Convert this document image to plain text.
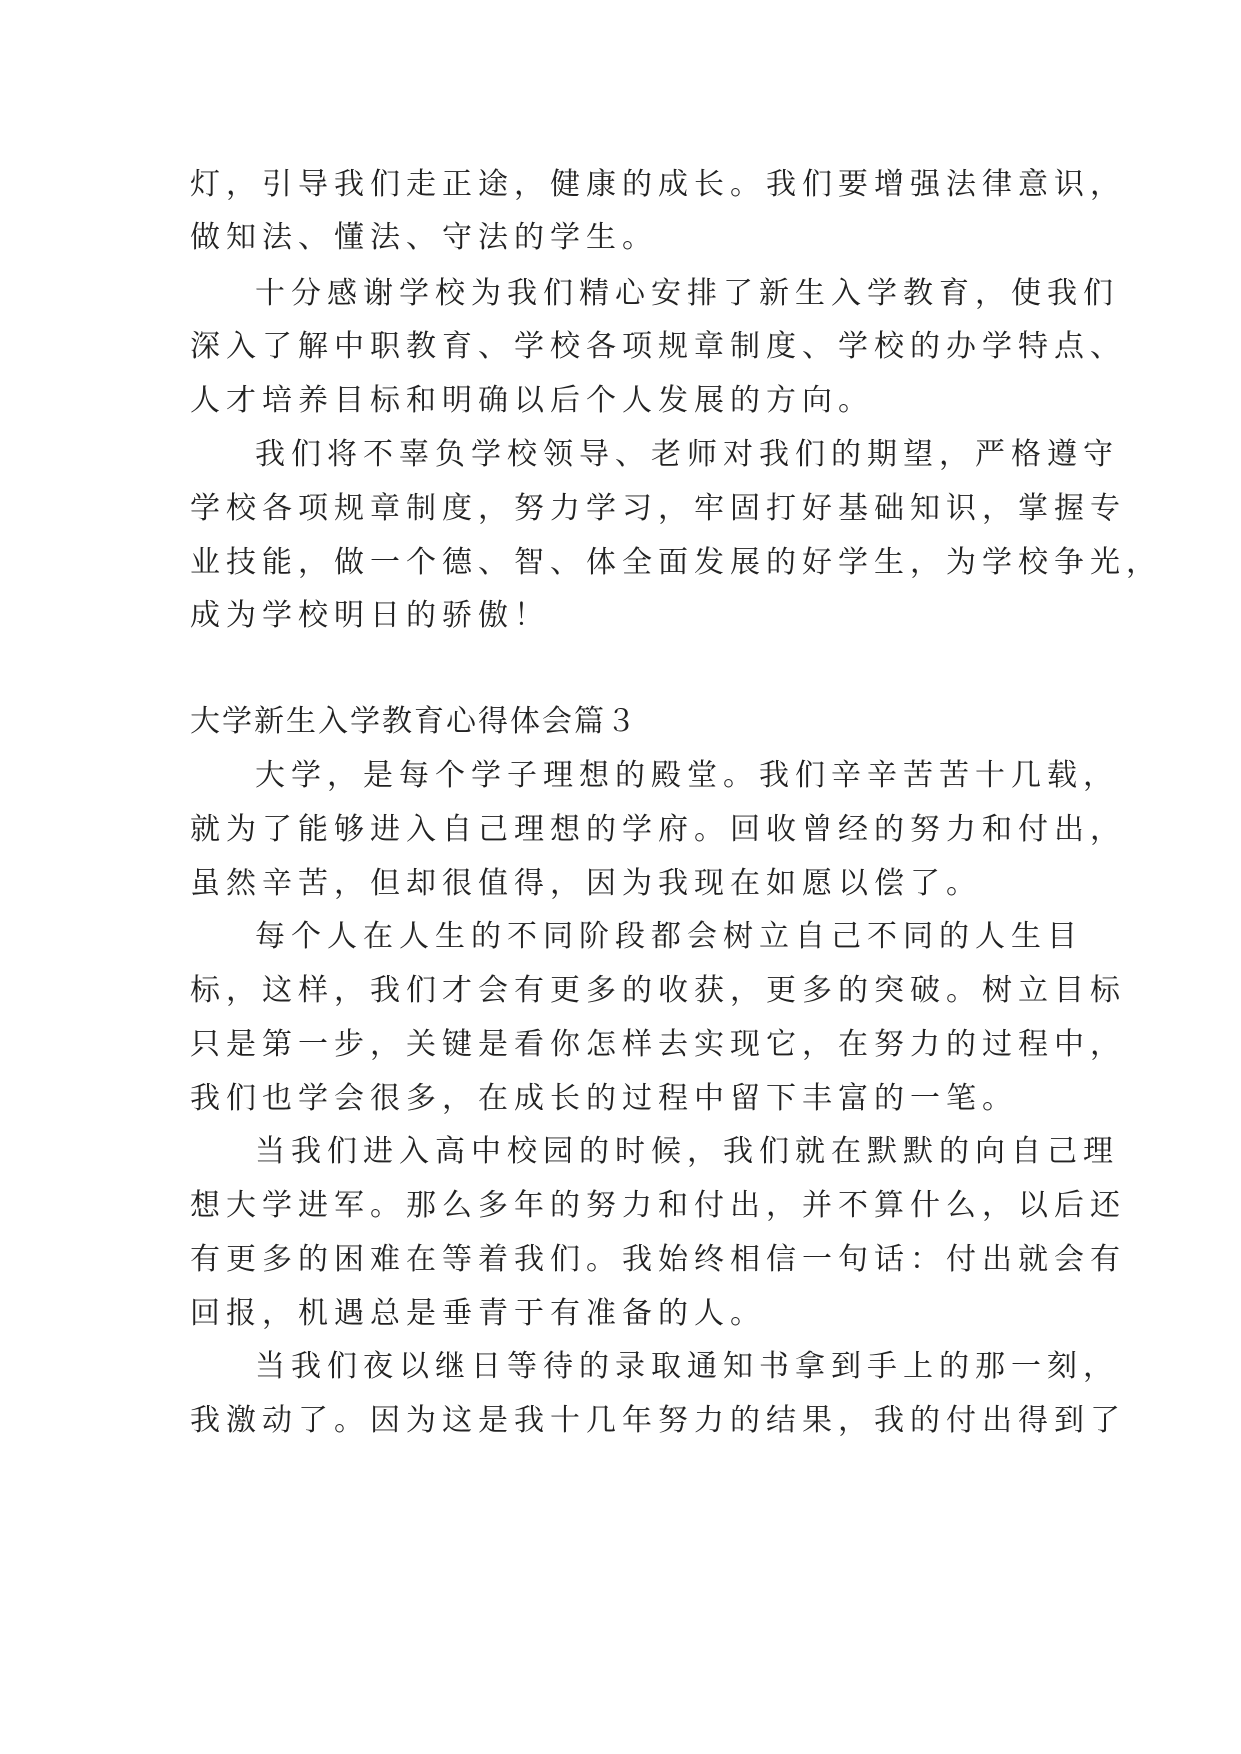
灯，引导我们走正途，健康的成长。我们要增强法律意识，
做知法、懂法、守法的学生。
十分感谢学校为我们精心安排了新生入学教育，使我们
深入了解中职教育、学校各项规章制度、学校的办学特点、
人才培养目标和明确以后个人发展的方向。
我们将不辜负学校领导、老师对我们的期望，严格遵守
学校各项规章制度，努力学习，牢固打好基础知识，掌握专
业技能，做一个德、智、体全面发展的好学生，为学校争光，
成为学校明日的骄傲！
大学新生入学教育心得体会篇３
大学，是每个学子理想的殿堂。我们辛辛苦苦十几载，
就为了能够进入自己理想的学府。回收曾经的努力和付出，
虽然辛苦，但却很值得，因为我现在如愿以偿了。
每个人在人生的不同阶段都会树立自己不同的人生目
标，这样，我们才会有更多的收获，更多的突破。树立目标
只是第一步，关键是看你怎样去实现它，在努力的过程中，
我们也学会很多，在成长的过程中留下丰富的一笔。
当我们进入高中校园的时候，我们就在默默的向自己理
想大学进军。那么多年的努力和付出，并不算什么，以后还
有更多的困难在等着我们。我始终相信一句话：付出就会有
回报，机遇总是垂青于有准备的人。
当我们夜以继日等待的录取通知书拿到手上的那一刻，
我激动了。因为这是我十几年努力的结果，我的付出得到了
